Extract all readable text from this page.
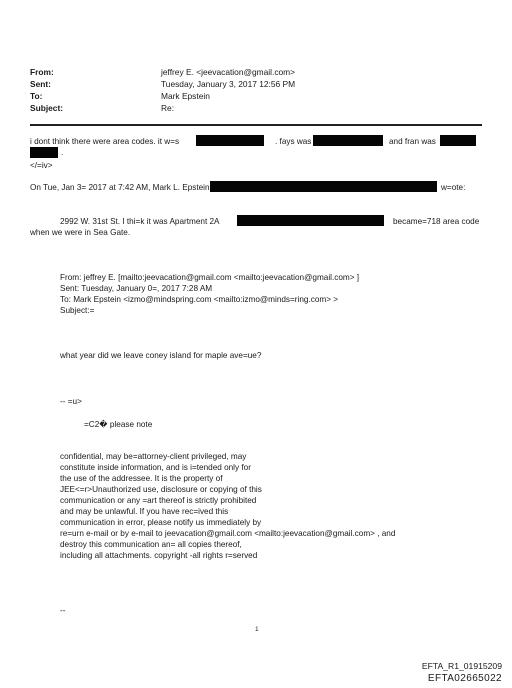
From:	jeffrey E. <jeevacation@gmail.com>
Sent:	Tuesday, January 3, 2017 12:56 PM
To:	Mark Epstein
Subject:	Re:
i dont think there were area codes. it w=s	. fays was	and fran was
.
</=iv>
On Tue, Jan 3= 2017 at 7:42 AM, Mark L. Epstein	w=ote:
2992 W. 31st St. I thi=k it was Apartment 2A	became=718 area code
when we were in Sea Gate.
From: jeffrey E. [mailto:jeevacation@gmail.com <mailto:jeevacation@gmail.com> ]
Sent: Tuesday, January 0=, 2017 7:28 AM
To: Mark Epstein <izmo@mindspring.com <mailto:izmo@minds=ring.com> >
Subject:=
what year did we leave coney island for maple ave=ue?
-- =u>
=C2� please note
confidential, may be=attorney-client privileged, may
constitute inside information, and is i=tended only for
the use of the addressee. It is the property of
JEE<=r>Unauthorized use, disclosure or copying of this
communication or any =art thereof is strictly prohibited
and may be unlawful. If you have rec=ived this
communication in error, please notify us immediately by
re=urn e-mail or by e-mail to jeevacation@gmail.com <mailto:jeevacation@gmail.com> , and
destroy this communication an= all copies thereof,
including all attachments. copyright -all rights r=served
--
1
EFTA_R1_01915209
EFTA02665022
